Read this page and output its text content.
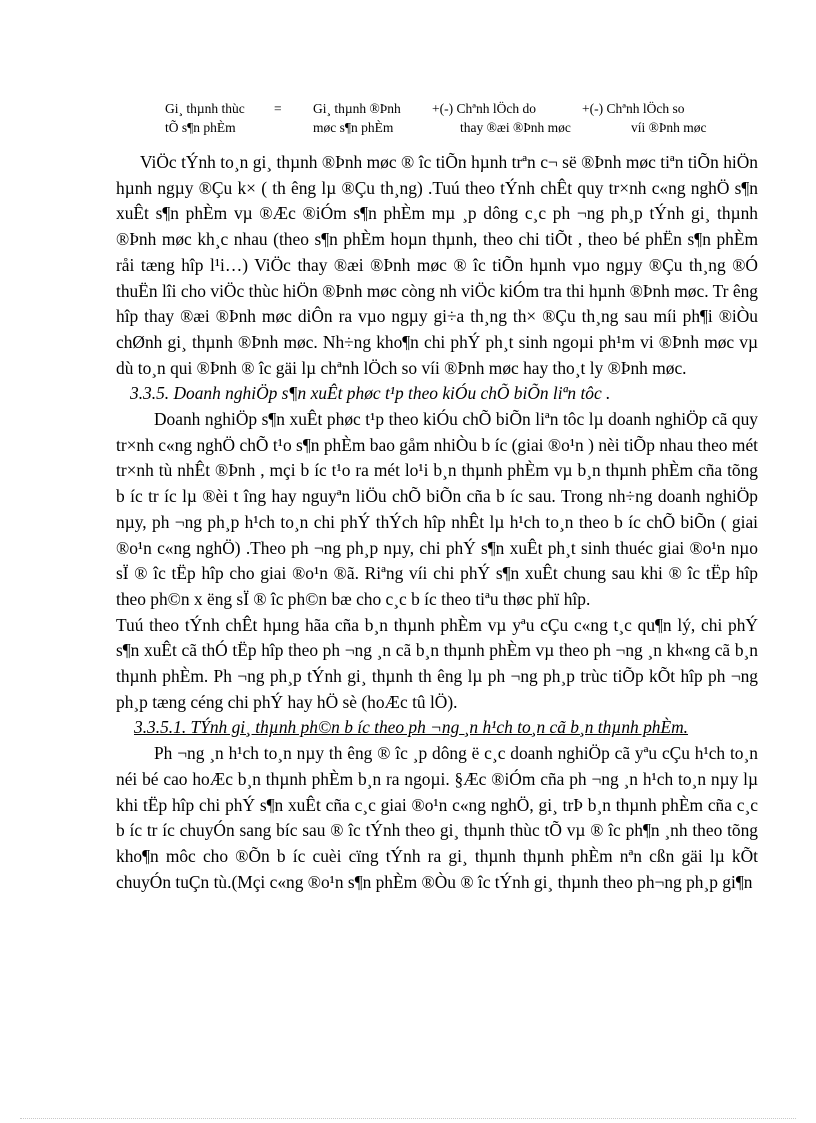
Gi¸ thµnh thùc
tÕ s¶n phÈm
= Gi¸ thµnh ®Þnh
møc s¶n phÈm
+(-) Chªnh lÖch do
thay ®æi ®Þnh møc
+(-) Chªnh lÖch so
víi ®Þnh møc

ViÖc tÝnh to¸n gi¸ thµnh ®Þnh møc ® îc tiÕn hµnh trªn c¬ së ®Þnh møc tiªn tiÕn hiÖn hµnh ngµy ®Çu k× ( th êng lµ ®Çu th¸ng) .Tuú theo tÝnh chÊt quy tr×nh c«ng nghÖ s¶n xuÊt s¶n phÈm vµ ®Æc ®iÓm s¶n phÈm mµ ¸p dông c¸c ph ¬ng ph¸p tÝnh gi¸ thµnh ®Þnh møc kh¸c nhau (theo s¶n phÈm hoµn thµnh, theo chi tiÕt , theo bé phËn s¶n phÈm råi tæng hîp l¹i…) ViÖc thay ®æi ®Þnh møc ® îc tiÕn hµnh vµo ngµy ®Çu th¸ng ®Ó thuËn lîi cho viÖc thùc hiÖn ®Þnh møc còng nh viÖc kiÓm tra thi hµnh ®Þnh møc. Tr êng hîp thay ®æi ®Þnh møc diÔn ra vµo ngµy gi÷a th¸ng th× ®Çu th¸ng sau míi ph¶i ®iÒu chØnh gi¸ thµnh ®Þnh møc. Nh÷ng kho¶n chi phÝ ph¸t sinh ngoµi ph¹m vi ®Þnh møc vµ dù to¸n qui ®Þnh ® îc gäi lµ chªnh lÖch so víi ®Þnh møc hay tho¸t ly ®Þnh møc.

3.3.5. Doanh nghiÖp s¶n xuÊt phøc t¹p theo kiÓu chÕ biÕn liªn tôc .

Doanh nghiÖp s¶n xuÊt phøc t¹p theo kiÓu chÕ biÕn liªn tôc lµ doanh nghiÖp cã quy tr×nh c«ng nghÖ chÕ t¹o s¶n phÈm bao gåm nhiÒu b íc (giai ®o¹n ) nèi tiÕp nhau theo mét tr×nh tù nhÊt ®Þnh , mçi b íc t¹o ra mét lo¹i b¸n thµnh phÈm vµ b¸n thµnh phÈm cña tõng b íc tr íc lµ ®èi t îng hay nguyªn liÖu chÕ biÕn cña b íc sau. Trong nh÷ng doanh nghiÖp nµy, ph ¬ng ph¸p h¹ch to¸n chi phÝ thÝch hîp nhÊt lµ h¹ch to¸n theo b íc chÕ biÕn ( giai ®o¹n c«ng nghÖ) .Theo ph ¬ng ph¸p nµy, chi phÝ s¶n xuÊt ph¸t sinh thuéc giai ®o¹n nµo sÏ ® îc tËp hîp cho giai ®o¹n ®ã. Riªng víi chi phÝ s¶n xuÊt chung sau khi ® îc tËp hîp theo ph©n x ëng sÏ ® îc ph©n bæ cho c¸c b íc theo tiªu thøc phï hîp.

Tuú theo tÝnh chÊt hµng hãa cña b¸n thµnh phÈm vµ yªu cÇu c«ng t¸c qu¶n lý, chi phÝ s¶n xuÊt cã thÓ tËp hîp theo ph ¬ng ¸n cã b¸n thµnh phÈm vµ theo ph ¬ng ¸n kh«ng cã b¸n thµnh phÈm. Ph ¬ng ph¸p tÝnh gi¸ thµnh th êng lµ ph ¬ng ph¸p trùc tiÕp kÕt hîp ph ¬ng ph¸p tæng céng chi phÝ hay hÖ sè (hoÆc tû lÖ).

3.3.5.1. TÝnh gi¸ thµnh ph©n b íc theo ph ¬ng ¸n h¹ch to¸n cã b¸n thµnh phÈm.

Ph ¬ng ¸n h¹ch to¸n nµy th êng ® îc ¸p dông ë c¸c doanh nghiÖp cã yªu cÇu h¹ch to¸n néi bé cao hoÆc b¸n thµnh phÈm b¸n ra ngoµi. §Æc ®iÓm cña ph ¬ng ¸n h¹ch to¸n nµy lµ khi tËp hîp chi phÝ s¶n xuÊt cña c¸c giai ®o¹n c«ng nghÖ, gi¸ trÞ b¸n thµnh phÈm cña c¸c b íc tr íc chuyÓn sang bíc sau ® îc tÝnh theo gi¸ thµnh thùc tÕ vµ ® îc ph¶n ¸nh theo tõng kho¶n môc cho ®Õn b íc cuèi cïng tÝnh ra gi¸ thµnh thµnh phÈm nªn cßn gäi lµ kÕt chuyÓn tuÇn tù.(Mçi c«ng ®o¹n s¶n phÈm ®Òu ® îc tÝnh gi¸ thµnh theo ph¬ng ph¸p gi¶n
